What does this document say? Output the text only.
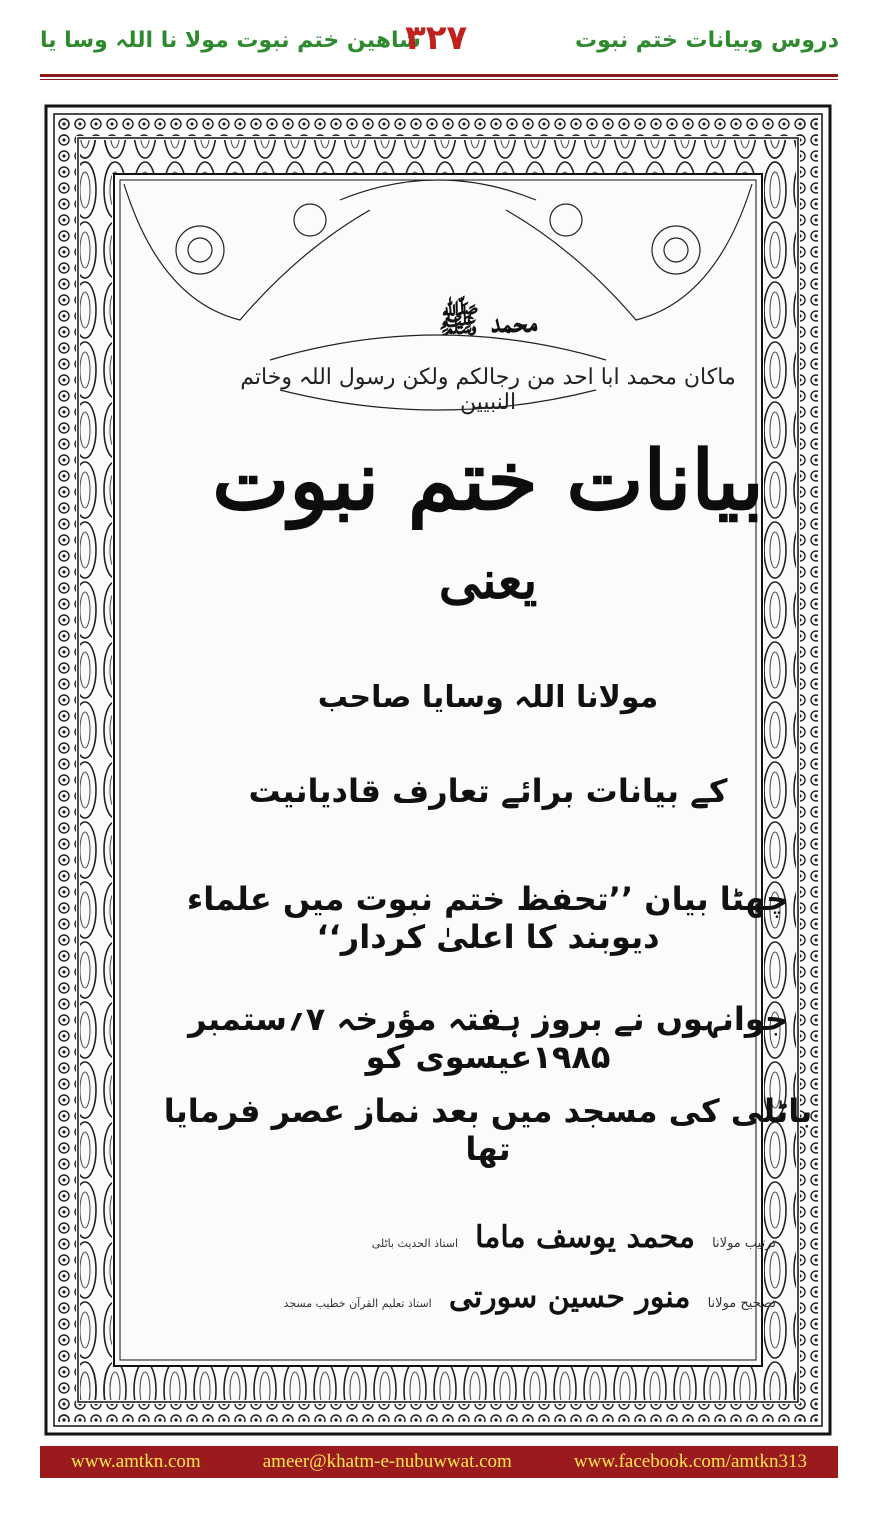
شاھین ختم نبوت مولا نا اللہ وسا یا
۳۲۷	دروس وبیانات ختم نبوت
محمد ﷺ
ماکان محمد ابا احد من رجالکم ولکن رسول اللہ وخاتم النبیین
بیانات ختم نبوت
یعنی
مولانا اللہ وسایا صاحب
کے بیانات برائے تعارف قادیانیت
چھٹا بیان ’’تحفظ ختم نبوت میں علماء دیوبند کا اعلیٰ کردار‘‘
جوانہوں نے بروز ہفتہ مؤرخہ ۷؍ستمبر ۱۹۸۵عیسوی کو
باٹلی کی مسجد میں بعد نماز عصر فرمایا تھا
ترتیب مولانا محمد یوسف ماما استاذ الحدیث باٹلی
تصحیح مولانا منور حسین سورتی استاذ تعلیم القرآن خطیب مسجد
www.amtkn.com	ameer@khatm-e-nubuwwat.com	www.facebook.com/amtkn313
